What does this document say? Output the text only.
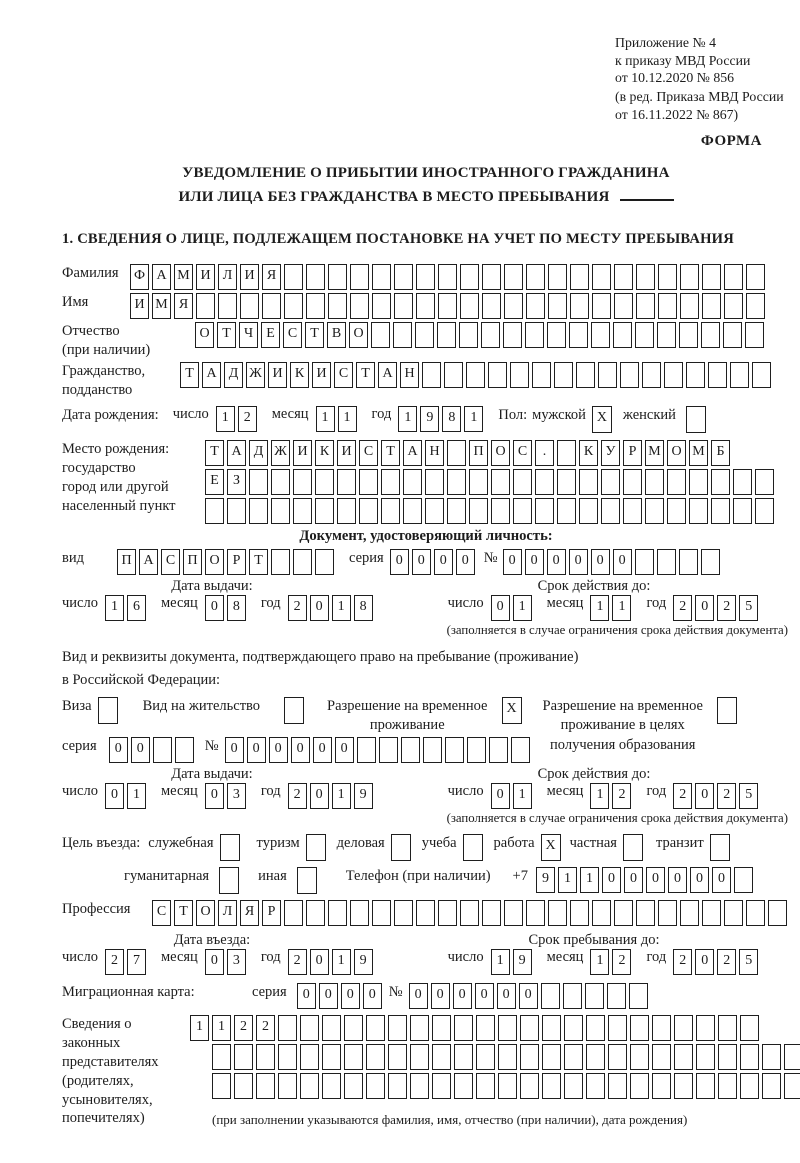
Приложение № 4
к приказу МВД России
от 10.12.2020 № 856
(в ред. Приказа МВД России
от 16.11.2022 № 867)
ФОРМА
УВЕДОМЛЕНИЕ О ПРИБЫТИИ ИНОСТРАННОГО ГРАЖДАНИНА
ИЛИ ЛИЦА БЕЗ ГРАЖДАНСТВА В МЕСТО ПРЕБЫВАНИЯ
1. СВЕДЕНИЯ О ЛИЦЕ, ПОДЛЕЖАЩЕМ ПОСТАНОВКЕ НА УЧЕТ ПО МЕСТУ ПРЕБЫВАНИЯ
Фамилия	Ф А М И Л И Я
Имя	И М Я
Отчество
(при наличии)
О Т Ч Е С Т В О
Гражданство,
подданство
Т А Д Ж И К И С Т А Н
Дата рождения: число 1 2 месяц 1 1 год 1 9 8 1	Пол: мужской X	женский
Место рождения:
государство
город или другой
населенный пункт
Т А Д Ж И К И С Т А Н П О С .	К У Р М О М Б
Е З
Документ, удостоверяющий личность:
вид	П А С П О Р Т	серия 0 0 0 0	№ 0 0 0 0 0 0
Дата выдачи:	Срок действия до:
число 1 6 месяц 0 8 год 2 0 1 8	число 0 1 месяц 1 1 год 2 0 2 5
(заполняется в случае ограничения срока действия документа)
Вид и реквизиты документа, подтверждающего право на пребывание (проживание)
в Российской Федерации:
Виза	Вид на жительство	Разрешение на временное
проживание
X	Разрешение на временное
проживание в целях
получения образования
серия	0 0	№ 0 0 0 0 0 0
Дата выдачи:	Срок действия до:
число 0 1 месяц 0 3 год 2 0 1 9	число 0 1 месяц 1 2 год 2 0 2 5
(заполняется в случае ограничения срока действия документа)
Цель въезда: служебная	туризм	деловая	учеба	работа X частная	транзит
гуманитарная	иная	Телефон (при наличии) +7	9 1 1 0 0 0 0 0 0
Профессия	С Т О Л Я Р
Дата въезда:	Срок пребывания до:
число 2 7 месяц 0 3 год 2 0 1 9	число 1 9 месяц 1 2 год 2 0 2 5
Миграционная карта:	серия	0 0 0 0 № 0 0 0 0 0 0
Сведения о
законных
представителях
(родителях,
усыновителях,
попечителях)
1 1 2 2
(при заполнении указываются фамилия, имя, отчество (при наличии), дата рождения)
